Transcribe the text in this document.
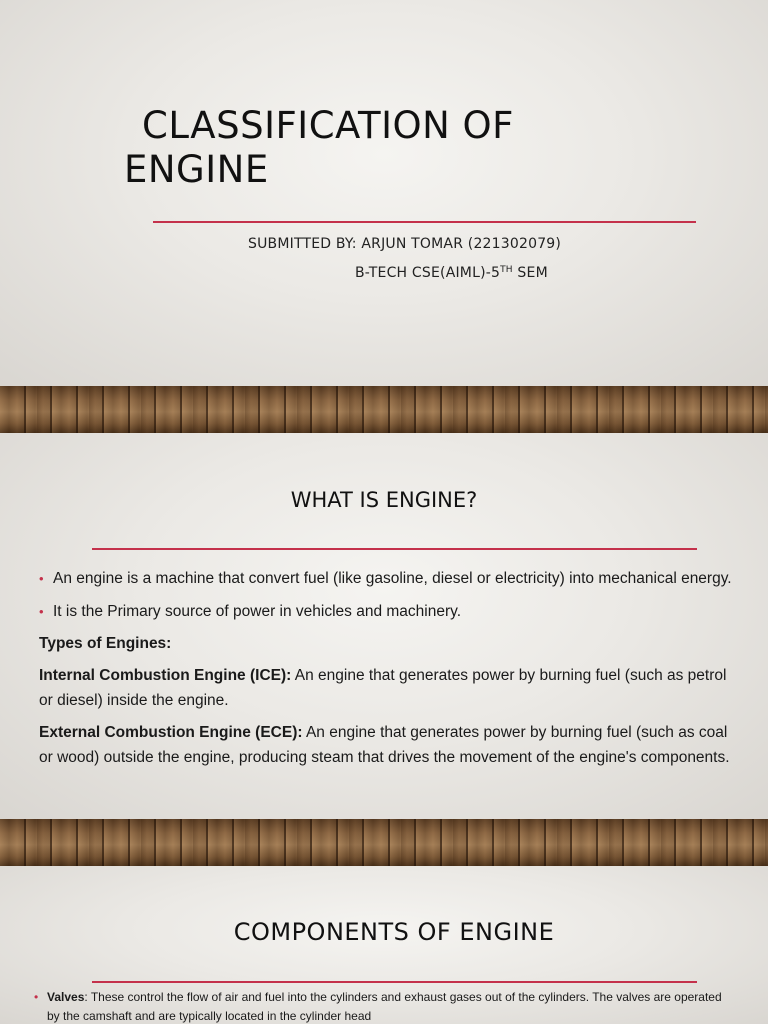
CLASSIFICATION OF
ENGINE
SUBMITTED BY: ARJUN TOMAR (221302079)
B-TECH CSE(AIML)-5TH SEM
WHAT IS ENGINE?
• An engine is a machine that convert fuel (like gasoline, diesel or electricity) into mechanical energy.
• It is the Primary source of power in vehicles and machinery.
Types of Engines:
Internal Combustion Engine (ICE): An engine that generates power by burning fuel (such as petrol or diesel) inside the engine.
External Combustion Engine (ECE): An engine that generates power by burning fuel (such as coal or wood) outside the engine, producing steam that drives the movement of the engine's components.
COMPONENTS OF ENGINE
• Valves: These control the flow of air and fuel into the cylinders and exhaust gases out of the cylinders. The valves are operated by the camshaft and are typically located in the cylinder head
